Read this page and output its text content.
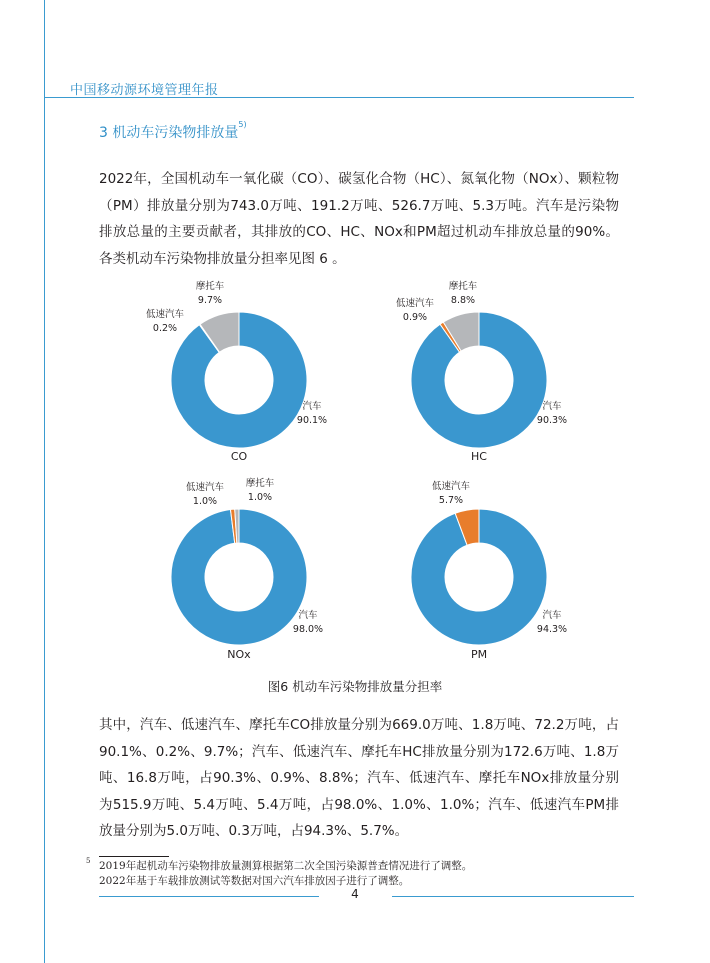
中国移动源环境管理年报
3 机动车污染物排放量$^{5)}$
2022年，全国机动车一氧化碳（CO）、碳氢化合物（HC）、氮氧化物（NOx）、颗粒物（PM）排放量分别为743.0万吨、191.2万吨、526.7万吨、5.3万吨。汽车是污染物排放总量的主要贡献者，其排放的CO、HC、NOx和PM超过机动车排放总量的90%。各类机动车污染物排放量分担率见图 6 。
汽车
90.1%
低速汽车
0.2%
摩托车
9.7%
CO
汽车
90.3%
低速汽车
0.9%
摩托车
8.8%
HC
汽车
98.0%
低速汽车
1.0%
摩托车
1.0%
NOx
汽车
94.3%
低速汽车
5.7%
PM
图6 机动车污染物排放量分担率
其中，汽车、低速汽车、摩托车CO排放量分别为669.0万吨、1.8万吨、72.2万吨，占90.1%、0.2%、9.7%；汽车、低速汽车、摩托车HC排放量分别为172.6万吨、1.8万吨、16.8万吨，占90.3%、0.9%、8.8%；汽车、低速汽车、摩托车NOx排放量分别为515.9万吨、5.4万吨、5.4万吨，占98.0%、1.0%、1.0%；汽车、低速汽车PM排放量分别为5.0万吨、0.3万吨，占94.3%、5.7%。
5 2019年起机动车污染物排放量测算根据第二次全国污染源普查情况进行了调整。
2022年基于车载排放测试等数据对国六汽车排放因子进行了调整。
4
